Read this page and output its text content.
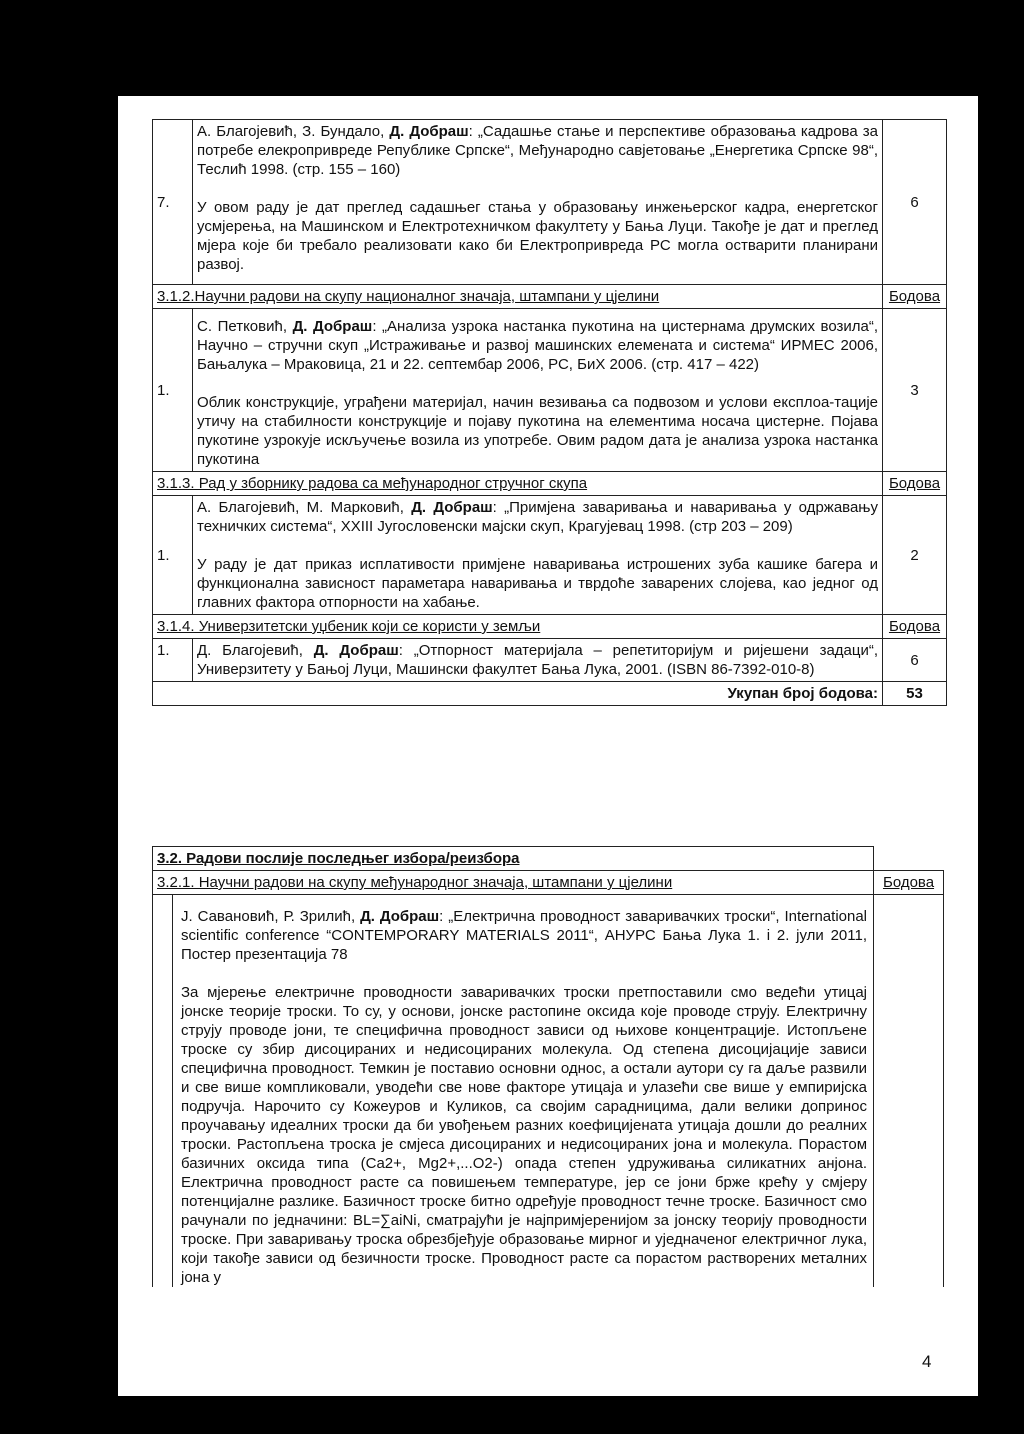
7.	А. Благојевић, З. Бундало, Д. Добраш: „Садашње стање и перспективе образовања кадрова за потребе елекропривреде Републике Српске“, Међународно савјетовање „Енергетика Српске 98“, Теслић 1998. (стр. 155 – 160)

У овом раду је дат преглед садашњег стања у образовању инжењерског кадра, енергетског усмјерења, на Машинском и Електротехничком факултету у Бања Луци. Такође је дат и преглед мјера које би требало реализовати како би Електропривреда РС могла остварити планирани развој.	6
3.1.2.Научни радови на скупу националног значаја, штампани у цјелини		Бодова
1.	С. Петковић, Д. Добраш: „Анализа узрока настанка пукотина на цистернама друмских возила“, Научно – стручни скуп „Истраживање и развој машинских елемената и система“ ИРМЕС 2006, Бањалука – Мраковица, 21 и 22. септембар 2006, РС, БиХ 2006. (стр. 417 – 422)

Облик конструкције, уграђени материјал, начин везивања са подвозом и услови експлоа-тације утичу на стабилности конструкције и појаву пукотина на елементима носача цистерне. Појава пукотине узрокује искључење возила из употребе. Овим радом дата је анализа узрока настанка пукотина	3
3.1.3. Рад у зборнику радова са међународног стручног скупа		Бодова
1.	А. Благојевић, М. Марковић, Д. Добраш: „Примјена заваривања и наваривања у одржавању техничких система“, XXIII Југословенски мајски скуп, Крагујевац 1998. (стр 203 – 209)

У раду је дат приказ исплативости примјене наваривања истрошених зуба кашике багера и функционална зависност параметара наваривања и тврдоће заварених слојева, као једног од главних фактора отпорности на хабање.	2
3.1.4. Универзитетски уџбеник који се користи у земљи		Бодова
1.	Д. Благојевић, Д. Добраш: „Отпорност материјала – репетиторијум и ријешени задаци“, Универзитету у Бањој Луци, Машински факултет Бања Лука, 2001. (ISBN 86-7392-010-8)	6
Укупан број бодова:		53
3.2. Радови послије последњег избора/реизбора		
3.2.1. Научни радови на скупу међународног значаја, штампани у цјелини		Бодова

	Ј. Савановић, Р. Зрилић, Д. Добраш: „Електрична проводност заваривачких троски“, International scientific conference “CONTEMPORARY MATERIALS 2011“, АНУРС Бања Лука 1. i 2. јули 2011, Постер презентација 78

За мјерење електричне проводности заваривачких троски претпоставили смо ведећи утицај јонске теорије троски. То су, у основи, јонске растопине оксида које проводе струју. Електричну струју проводе јони, те специфична проводност зависи од њихове концентрације. Истопљене троске су збир дисоцираних и недисоцираних молекула. Од степена дисоцијације зависи специфична проводност. Темкин је поставио основни однос, а остали аутори су га даље развили и све више компликовали, уводећи све нове факторе утицаја и улазећи све више у емпиријска подручја. Нарочито су Кожеуров и Куликов, са својим сарадницима, дали велики допринос проучавању идеалних троски да би увођењем разних коефицијената утицаја дошли до реалних троски. Растопљена троска је смјеса дисоцираних и недисоцираних јона и молекула. Порастом базичних оксида типа (Ca2+, Mg2+,...O2-) опада степен удруживања силикатних анјона. Електрична проводност расте са повишењем температуре, јер се јони брже крећу у смјеру потенцијалне разлике. Базичност троске битно одређује проводност течне троске. Базичност смо рачунали по једначини: BL=∑aiNi, сматрајући је најпримјеренијом за јонску теорију проводности троске. При заваривању троска обрезбјеђује образовање мирног и уједначеног електричног лука, који такође зависи од безичности троске. Проводност расте са порастом растворених металних јона у	

4
